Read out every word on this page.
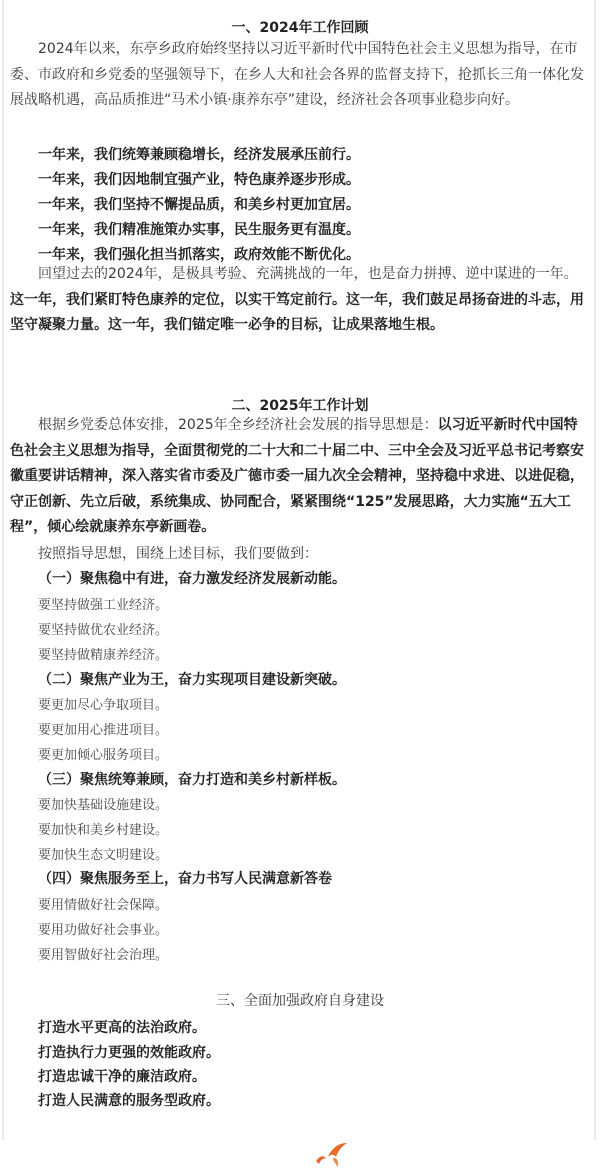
一、2024年工作回顾

2024年以来，东亭乡政府始终坚持以习近平新时代中国特色社会主义思想为指导，在市委、市政府和乡党委的坚强领导下，在乡人大和社会各界的监督支持下，抢抓长三角一体化发展战略机遇，高品质推进“马术小镇·康养东亭”建设，经济社会各项事业稳步向好。

一年来，我们统筹兼顾稳增长，经济发展承压前行。
一年来，我们因地制宜强产业，特色康养逐步形成。
一年来，我们坚持不懈提品质，和美乡村更加宜居。
一年来，我们精准施策办实事，民生服务更有温度。
一年来，我们强化担当抓落实，政府效能不断优化。

回望过去的2024年，是极具考验、充满挑战的一年，也是奋力拼搏、逆中谋进的一年。这一年，我们紧盯特色康养的定位，以实干笃定前行。这一年，我们鼓足昂扬奋进的斗志，用坚守凝聚力量。这一年，我们锚定唯一必争的目标，让成果落地生根。

二、2025年工作计划

根据乡党委总体安排，2025年全乡经济社会发展的指导思想是：以习近平新时代中国特色社会主义思想为指导，全面贯彻党的二十大和二十届二中、三中全会及习近平总书记考察安徽重要讲话精神，深入落实省市委及广德市委一届九次全会精神，坚持稳中求进、以进促稳，守正创新、先立后破，系统集成、协同配合，紧紧围绕“125”发展思路，大力实施“五大工程”，倾心绘就康养东亭新画卷。

按照指导思想，围绕上述目标，我们要做到：
（一）聚焦稳中有进，奋力激发经济发展新动能。
要坚持做强工业经济。
要坚持做优农业经济。
要坚持做精康养经济。
（二）聚焦产业为王，奋力实现项目建设新突破。
要更加尽心争取项目。
要更加用心推进项目。
要更加倾心服务项目。
（三）聚焦统筹兼顾，奋力打造和美乡村新样板。
要加快基础设施建设。
要加快和美乡村建设。
要加快生态文明建设。
（四）聚焦服务至上，奋力书写人民满意新答卷
要用情做好社会保障。
要用功做好社会事业。
要用智做好社会治理。
三、全面加强政府自身建设
打造水平更高的法治政府。
打造执行力更强的效能政府。
打造忠诚干净的廉洁政府。
打造人民满意的服务型政府。
